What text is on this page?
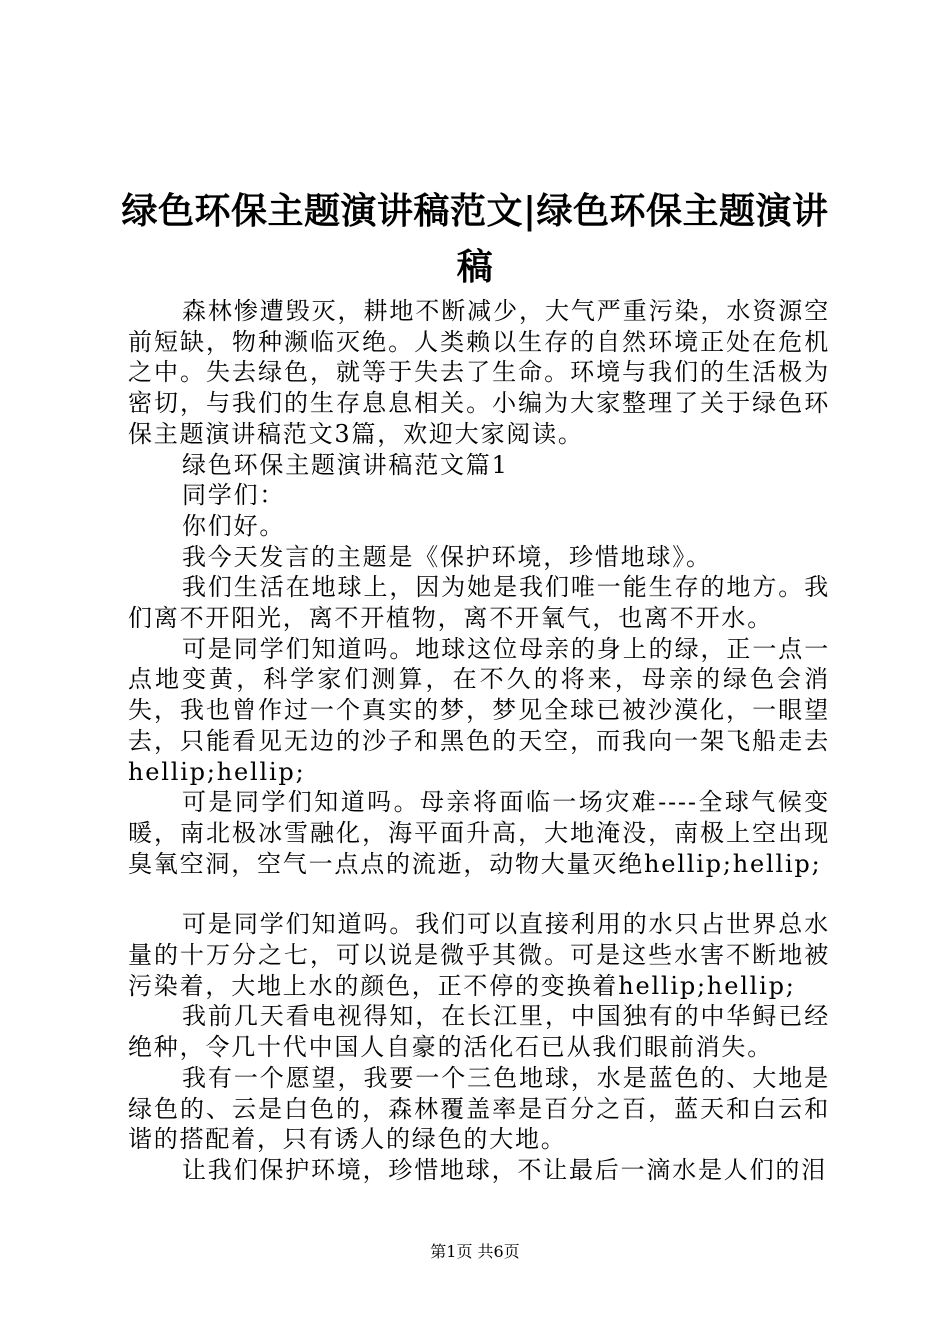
绿色环保主题演讲稿范文|绿色环保主题演讲稿

森林惨遭毁灭，耕地不断减少，大气严重污染，水资源空前短缺，物种濒临灭绝。人类赖以生存的自然环境正处在危机之中。失去绿色，就等于失去了生命。环境与我们的生活极为密切，与我们的生存息息相关。小编为大家整理了关于绿色环保主题演讲稿范文3篇，欢迎大家阅读。

绿色环保主题演讲稿范文篇1

同学们：

你们好。

我今天发言的主题是《保护环境，珍惜地球》。

我们生活在地球上，因为她是我们唯一能生存的地方。我们离不开阳光，离不开植物，离不开氧气，也离不开水。

可是同学们知道吗。地球这位母亲的身上的绿，正一点一点地变黄，科学家们测算，在不久的将来，母亲的绿色会消失，我也曾作过一个真实的梦，梦见全球已被沙漠化，一眼望去，只能看见无边的沙子和黑色的天空，而我向一架飞船走去hellip;hellip;

可是同学们知道吗。母亲将面临一场灾难----全球气候变暖，南北极冰雪融化，海平面升高，大地淹没，南极上空出现臭氧空洞，空气一点点的流逝，动物大量灭绝hellip;hellip;

可是同学们知道吗。我们可以直接利用的水只占世界总水量的十万分之七，可以说是微乎其微。可是这些水害不断地被污染着，大地上水的颜色，正不停的变换着hellip;hellip;

我前几天看电视得知，在长江里，中国独有的中华鲟已经绝种，令几十代中国人自豪的活化石已从我们眼前消失。

我有一个愿望，我要一个三色地球，水是蓝色的、大地是绿色的、云是白色的，森林覆盖率是百分之百，蓝天和白云和谐的搭配着，只有诱人的绿色的大地。

让我们保护环境，珍惜地球，不让最后一滴水是人们的泪

第1页 共6页
